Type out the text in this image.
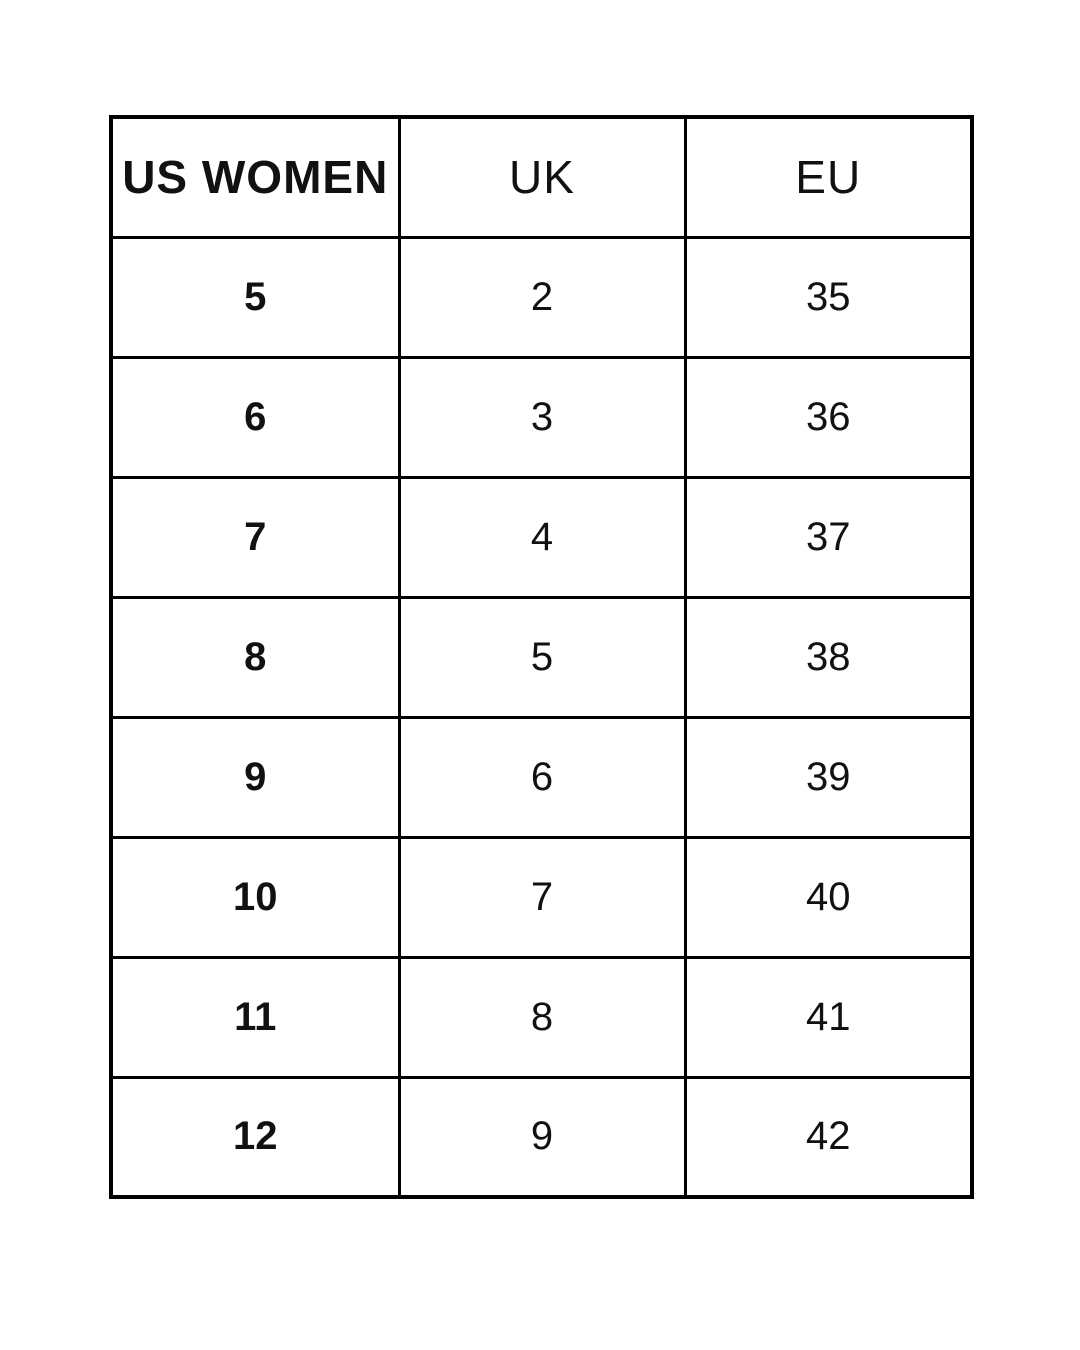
US WOMEN	UK	EU
5	2	35
6	3	36
7	4	37
8	5	38
9	6	39
10	7	40
11	8	41
12	9	42
